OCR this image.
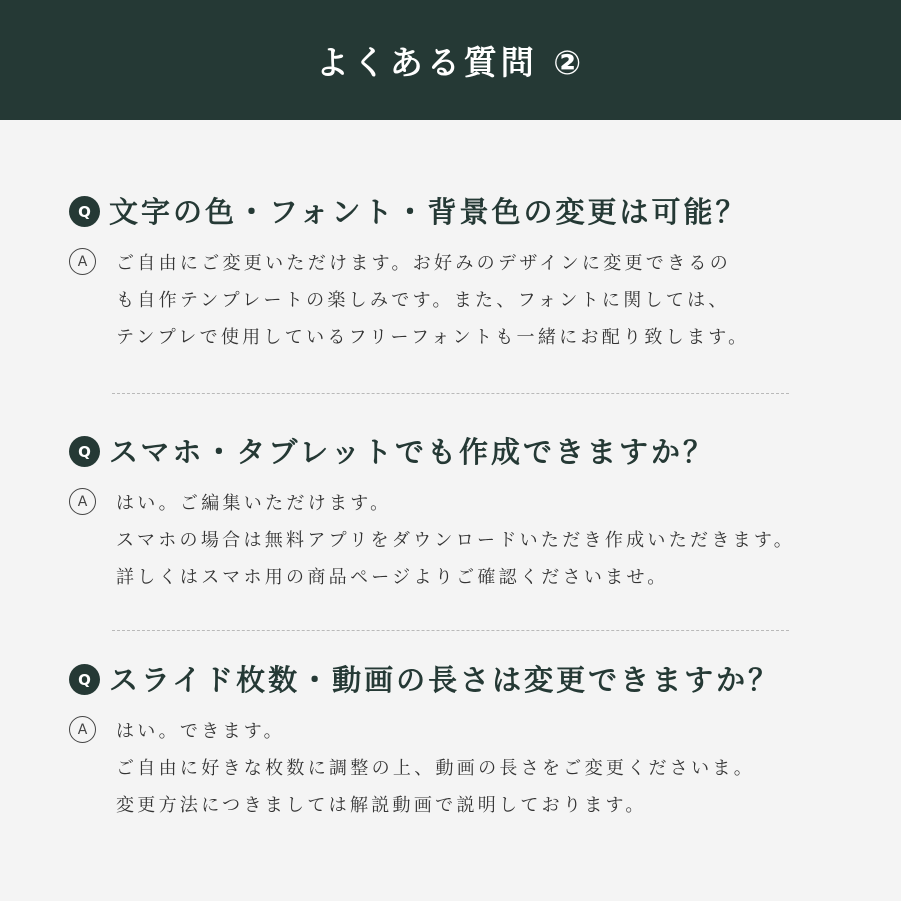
よくある質問 ②
Q 文字の色・フォント・背景色の変更は可能？
A	ご自由にご変更いただけます。お好みのデザインに変更できるの
も自作テンプレートの楽しみです。また、フォントに関しては、
テンプレで使用しているフリーフォントも一緒にお配り致します。
Q スマホ・タブレットでも作成できますか？
A	はい。ご編集いただけます。
スマホの場合は無料アプリをダウンロードいただき作成いただきます。
詳しくはスマホ用の商品ページよりご確認くださいませ。
Q スライド枚数・動画の長さは変更できますか？
A	はい。できます。
ご自由に好きな枚数に調整の上、動画の長さをご変更くださいま。
変更方法につきましては解説動画で説明しております。
